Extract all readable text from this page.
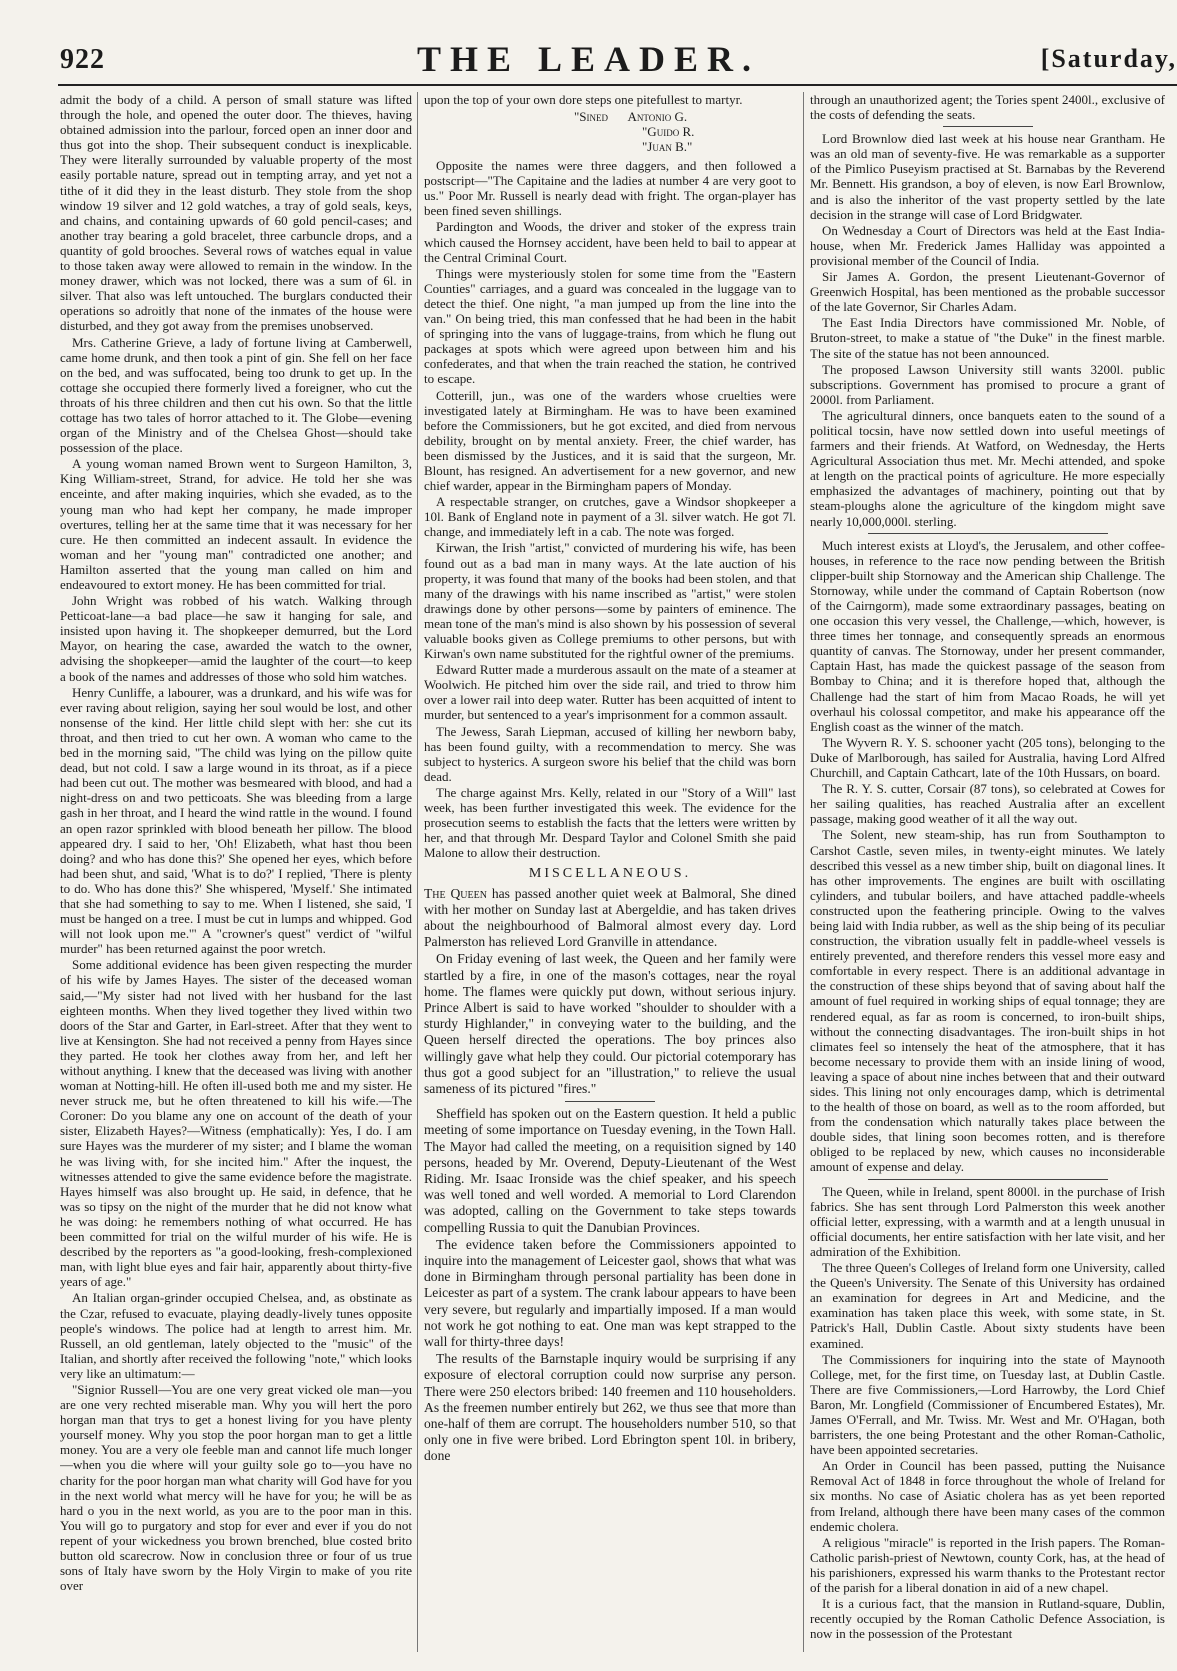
922	THE LEADER.	[Saturday,

admit the body of a child. A person of small stature was lifted through the hole, and opened the outer door. The thieves, having obtained admission into the parlour, forced open an inner door and thus got into the shop. Their subsequent conduct is inexplicable. They were literally surrounded by valuable property of the most easily portable nature, spread out in tempting array, and yet not a tithe of it did they in the least disturb. They stole from the shop window 19 silver and 12 gold watches, a tray of gold seals, keys, and chains, and containing upwards of 60 gold pencil-cases; and another tray bearing a gold bracelet, three carbuncle drops, and a quantity of gold brooches. Several rows of watches equal in value to those taken away were allowed to remain in the window. In the money drawer, which was not locked, there was a sum of 6l. in silver. That also was left untouched. The burglars conducted their operations so adroitly that none of the inmates of the house were disturbed, and they got away from the premises unobserved.

Mrs. Catherine Grieve, a lady of fortune living at Camberwell, came home drunk, and then took a pint of gin. She fell on her face on the bed, and was suffocated, being too drunk to get up. In the cottage she occupied there formerly lived a foreigner, who cut the throats of his three children and then cut his own. So that the little cottage has two tales of horror attached to it. The Globe—evening organ of the Ministry and of the Chelsea Ghost—should take possession of the place.

A young woman named Brown went to Surgeon Hamilton, 3, King William-street, Strand, for advice. He told her she was enceinte, and after making inquiries, which she evaded, as to the young man who had kept her company, he made improper overtures, telling her at the same time that it was necessary for her cure. He then committed an indecent assault. In evidence the woman and her "young man" contradicted one another; and Hamilton asserted that the young man called on him and endeavoured to extort money. He has been committed for trial.

John Wright was robbed of his watch. Walking through Petticoat-lane—a bad place—he saw it hanging for sale, and insisted upon having it. The shopkeeper demurred, but the Lord Mayor, on hearing the case, awarded the watch to the owner, advising the shopkeeper—amid the laughter of the court—to keep a book of the names and addresses of those who sold him watches.

Henry Cunliffe, a labourer, was a drunkard, and his wife was for ever raving about religion, saying her soul would be lost, and other nonsense of the kind. Her little child slept with her: she cut its throat, and then tried to cut her own. A woman who came to the bed in the morning said, "The child was lying on the pillow quite dead, but not cold. I saw a large wound in its throat, as if a piece had been cut out. The mother was besmeared with blood, and had a night-dress on and two petticoats. She was bleeding from a large gash in her throat, and I heard the wind rattle in the wound. I found an open razor sprinkled with blood beneath her pillow. The blood appeared dry. I said to her, 'Oh! Elizabeth, what hast thou been doing? and who has done this?' She opened her eyes, which before had been shut, and said, 'What is to do?' I replied, 'There is plenty to do. Who has done this?' She whispered, 'Myself.' She intimated that she had something to say to me. When I listened, she said, 'I must be hanged on a tree. I must be cut in lumps and whipped. God will not look upon me.'" A "crowner's quest" verdict of "wilful murder" has been returned against the poor wretch.

Some additional evidence has been given respecting the murder of his wife by James Hayes. The sister of the deceased woman said,—"My sister had not lived with her husband for the last eighteen months. When they lived together they lived within two doors of the Star and Garter, in Earl-street. After that they went to live at Kensington. She had not received a penny from Hayes since they parted. He took her clothes away from her, and left her without anything. I knew that the deceased was living with another woman at Notting-hill. He often ill-used both me and my sister. He never struck me, but he often threatened to kill his wife.—The Coroner: Do you blame any one on account of the death of your sister, Elizabeth Hayes?—Witness (emphatically): Yes, I do. I am sure Hayes was the murderer of my sister; and I blame the woman he was living with, for she incited him." After the inquest, the witnesses attended to give the same evidence before the magistrate. Hayes himself was also brought up. He said, in defence, that he was so tipsy on the night of the murder that he did not know what he was doing: he remembers nothing of what occurred. He has been committed for trial on the wilful murder of his wife. He is described by the reporters as "a good-looking, fresh-complexioned man, with light blue eyes and fair hair, apparently about thirty-five years of age."

An Italian organ-grinder occupied Chelsea, and, as obstinate as the Czar, refused to evacuate, playing deadly-lively tunes opposite people's windows. The police had at length to arrest him. Mr. Russell, an old gentleman, lately objected to the "music" of the Italian, and shortly after received the following "note," which looks very like an ultimatum:—

"Signior Russell—You are one very great vicked ole man—you are one very rechted miserable man. Why you will hert the poro horgan man that trys to get a honest living for you have plenty yourself money. Why you stop the poor horgan man to get a little money. You are a very ole feeble man and cannot life much longer—when you die where will your guilty sole go to—you have no charity for the poor horgan man what charity will God have for you in the next world what mercy will he have for you; he will be as hard o you in the next world, as you are to the poor man in this. You will go to purgatory and stop for ever and ever if you do not repent of your wickedness you brown brenched, blue costed brito button old scarecrow. Now in conclusion three or four of us true sons of Italy have sworn by the Holy Virgin to make of you rite over

upon the top of your own dore steps one pitefullest to martyr.

"Sined Antonio G.
"Guido R.
"Juan B."

Opposite the names were three daggers, and then followed a postscript—"The Capitaine and the ladies at number 4 are very goot to us." Poor Mr. Russell is nearly dead with fright. The organ-player has been fined seven shillings.

Pardington and Woods, the driver and stoker of the express train which caused the Hornsey accident, have been held to bail to appear at the Central Criminal Court.

Things were mysteriously stolen for some time from the "Eastern Counties" carriages, and a guard was concealed in the luggage van to detect the thief. One night, "a man jumped up from the line into the van." On being tried, this man confessed that he had been in the habit of springing into the vans of luggage-trains, from which he flung out packages at spots which were agreed upon between him and his confederates, and that when the train reached the station, he contrived to escape.

Cotterill, jun., was one of the warders whose cruelties were investigated lately at Birmingham. He was to have been examined before the Commissioners, but he got excited, and died from nervous debility, brought on by mental anxiety. Freer, the chief warder, has been dismissed by the Justices, and it is said that the surgeon, Mr. Blount, has resigned. An advertisement for a new governor, and new chief warder, appear in the Birmingham papers of Monday.

A respectable stranger, on crutches, gave a Windsor shopkeeper a 10l. Bank of England note in payment of a 3l. silver watch. He got 7l. change, and immediately left in a cab. The note was forged.

Kirwan, the Irish "artist," convicted of murdering his wife, has been found out as a bad man in many ways. At the late auction of his property, it was found that many of the books had been stolen, and that many of the drawings with his name inscribed as "artist," were stolen drawings done by other persons—some by painters of eminence. The mean tone of the man's mind is also shown by his possession of several valuable books given as College premiums to other persons, but with Kirwan's own name substituted for the rightful owner of the premiums.

Edward Rutter made a murderous assault on the mate of a steamer at Woolwich. He pitched him over the side rail, and tried to throw him over a lower rail into deep water. Rutter has been acquitted of intent to murder, but sentenced to a year's imprisonment for a common assault.

The Jewess, Sarah Liepman, accused of killing her newborn baby, has been found guilty, with a recommendation to mercy. She was subject to hysterics. A surgeon swore his belief that the child was born dead.

The charge against Mrs. Kelly, related in our "Story of a Will" last week, has been further investigated this week. The evidence for the prosecution seems to establish the facts that the letters were written by her, and that through Mr. Despard Taylor and Colonel Smith she paid Malone to allow their destruction.

MISCELLANEOUS.

The Queen has passed another quiet week at Balmoral, She dined with her mother on Sunday last at Abergeldie, and has taken drives about the neighbourhood of Balmoral almost every day. Lord Palmerston has relieved Lord Granville in attendance.

On Friday evening of last week, the Queen and her family were startled by a fire, in one of the mason's cottages, near the royal home. The flames were quickly put down, without serious injury. Prince Albert is said to have worked "shoulder to shoulder with a sturdy Highlander," in conveying water to the building, and the Queen herself directed the operations. The boy princes also willingly gave what help they could. Our pictorial cotemporary has thus got a good subject for an "illustration," to relieve the usual sameness of its pictured "fires."

Sheffield has spoken out on the Eastern question. It held a public meeting of some importance on Tuesday evening, in the Town Hall. The Mayor had called the meeting, on a requisition signed by 140 persons, headed by Mr. Overend, Deputy-Lieutenant of the West Riding. Mr. Isaac Ironside was the chief speaker, and his speech was well toned and well worded. A memorial to Lord Clarendon was adopted, calling on the Government to take steps towards compelling Russia to quit the Danubian Provinces.

The evidence taken before the Commissioners appointed to inquire into the management of Leicester gaol, shows that what was done in Birmingham through personal partiality has been done in Leicester as part of a system. The crank labour appears to have been very severe, but regularly and impartially imposed. If a man would not work he got nothing to eat. One man was kept strapped to the wall for thirty-three days!

The results of the Barnstaple inquiry would be surprising if any exposure of electoral corruption could now surprise any person. There were 250 electors bribed: 140 freemen and 110 householders. As the freemen number entirely but 262, we thus see that more than one-half of them are corrupt. The householders number 510, so that only one in five were bribed. Lord Ebrington spent 10l. in bribery, done

through an unauthorized agent; the Tories spent 2400l., exclusive of the costs of defending the seats.

Lord Brownlow died last week at his house near Grantham. He was an old man of seventy-five. He was remarkable as a supporter of the Pimlico Puseyism practised at St. Barnabas by the Reverend Mr. Bennett. His grandson, a boy of eleven, is now Earl Brownlow, and is also the inheritor of the vast property settled by the late decision in the strange will case of Lord Bridgwater.

On Wednesday a Court of Directors was held at the East India-house, when Mr. Frederick James Halliday was appointed a provisional member of the Council of India.

Sir James A. Gordon, the present Lieutenant-Governor of Greenwich Hospital, has been mentioned as the probable successor of the late Governor, Sir Charles Adam.

The East India Directors have commissioned Mr. Noble, of Bruton-street, to make a statue of "the Duke" in the finest marble. The site of the statue has not been announced.

The proposed Lawson University still wants 3200l. public subscriptions. Government has promised to procure a grant of 2000l. from Parliament.

The agricultural dinners, once banquets eaten to the sound of a political tocsin, have now settled down into useful meetings of farmers and their friends. At Watford, on Wednesday, the Herts Agricultural Association thus met. Mr. Mechi attended, and spoke at length on the practical points of agriculture. He more especially emphasized the advantages of machinery, pointing out that by steam-ploughs alone the agriculture of the kingdom might save nearly 10,000,000l. sterling.

Much interest exists at Lloyd's, the Jerusalem, and other coffee-houses, in reference to the race now pending between the British clipper-built ship Stornoway and the American ship Challenge. The Stornoway, while under the command of Captain Robertson (now of the Cairngorm), made some extraordinary passages, beating on one occasion this very vessel, the Challenge,—which, however, is three times her tonnage, and consequently spreads an enormous quantity of canvas. The Stornoway, under her present commander, Captain Hast, has made the quickest passage of the season from Bombay to China; and it is therefore hoped that, although the Challenge had the start of him from Macao Roads, he will yet overhaul his colossal competitor, and make his appearance off the English coast as the winner of the match.

The Wyvern R. Y. S. schooner yacht (205 tons), belonging to the Duke of Marlborough, has sailed for Australia, having Lord Alfred Churchill, and Captain Cathcart, late of the 10th Hussars, on board.

The R. Y. S. cutter, Corsair (87 tons), so celebrated at Cowes for her sailing qualities, has reached Australia after an excellent passage, making good weather of it all the way out.

The Solent, new steam-ship, has run from Southampton to Carshot Castle, seven miles, in twenty-eight minutes. We lately described this vessel as a new timber ship, built on diagonal lines. It has other improvements. The engines are built with oscillating cylinders, and tubular boilers, and have attached paddle-wheels constructed upon the feathering principle. Owing to the valves being laid with India rubber, as well as the ship being of its peculiar construction, the vibration usually felt in paddle-wheel vessels is entirely prevented, and therefore renders this vessel more easy and comfortable in every respect. There is an additional advantage in the construction of these ships beyond that of saving about half the amount of fuel required in working ships of equal tonnage; they are rendered equal, as far as room is concerned, to iron-built ships, without the connecting disadvantages. The iron-built ships in hot climates feel so intensely the heat of the atmosphere, that it has become necessary to provide them with an inside lining of wood, leaving a space of about nine inches between that and their outward sides. This lining not only encourages damp, which is detrimental to the health of those on board, as well as to the room afforded, but from the condensation which naturally takes place between the double sides, that lining soon becomes rotten, and is therefore obliged to be replaced by new, which causes no inconsiderable amount of expense and delay.

The Queen, while in Ireland, spent 8000l. in the purchase of Irish fabrics. She has sent through Lord Palmerston this week another official letter, expressing, with a warmth and at a length unusual in official documents, her entire satisfaction with her late visit, and her admiration of the Exhibition.

The three Queen's Colleges of Ireland form one University, called the Queen's University. The Senate of this University has ordained an examination for degrees in Art and Medicine, and the examination has taken place this week, with some state, in St. Patrick's Hall, Dublin Castle. About sixty students have been examined.

The Commissioners for inquiring into the state of Maynooth College, met, for the first time, on Tuesday last, at Dublin Castle. There are five Commissioners,—Lord Harrowby, the Lord Chief Baron, Mr. Longfield (Commissioner of Encumbered Estates), Mr. James O'Ferrall, and Mr. Twiss. Mr. West and Mr. O'Hagan, both barristers, the one being Protestant and the other Roman-Catholic, have been appointed secretaries.

An Order in Council has been passed, putting the Nuisance Removal Act of 1848 in force throughout the whole of Ireland for six months. No case of Asiatic cholera has as yet been reported from Ireland, although there have been many cases of the common endemic cholera.

A religious "miracle" is reported in the Irish papers. The Roman-Catholic parish-priest of Newtown, county Cork, has, at the head of his parishioners, expressed his warm thanks to the Protestant rector of the parish for a liberal donation in aid of a new chapel.

It is a curious fact, that the mansion in Rutland-square, Dublin, recently occupied by the Roman Catholic Defence Association, is now in the possession of the Protestant
